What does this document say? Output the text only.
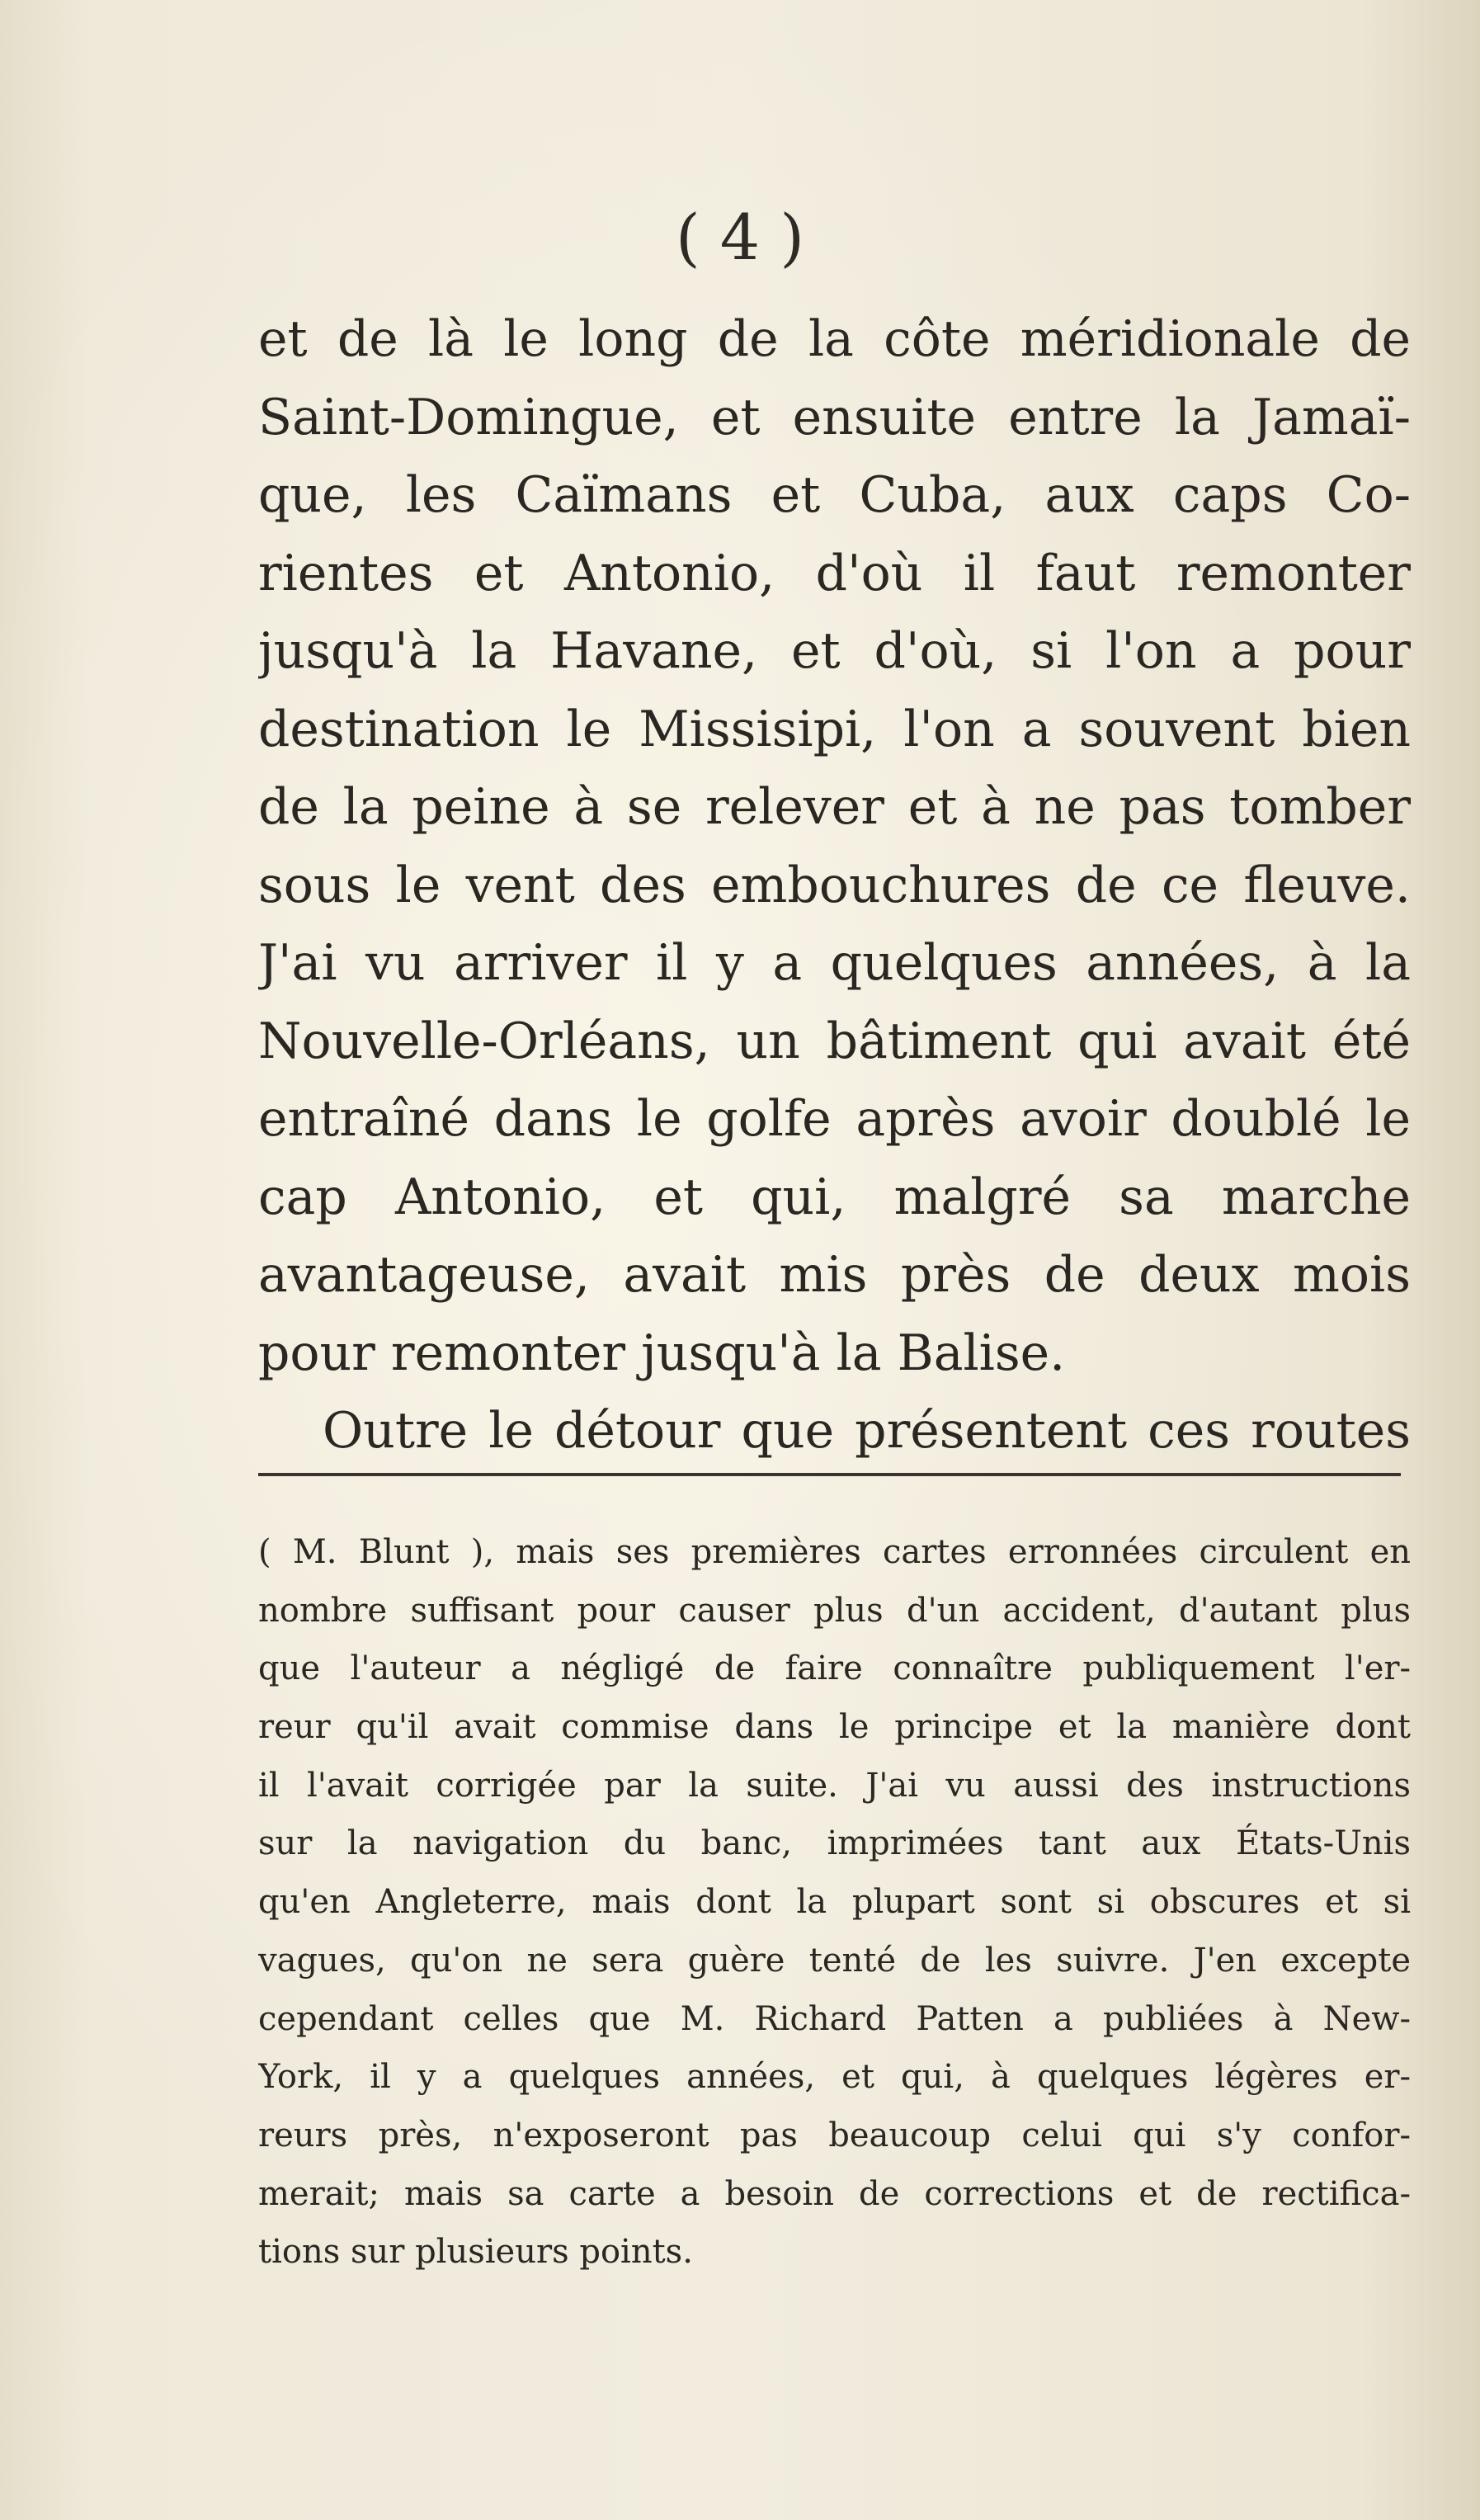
( 4 )
et de là le long de la côte méridionale de
Saint-Domingue, et ensuite entre la Jamaï-
que, les Caïmans et Cuba, aux caps Co-
rientes et Antonio, d'où il faut remonter
jusqu'à la Havane, et d'où, si l'on a pour
destination le Missisipi, l'on a souvent bien
de la peine à se relever et à ne pas tomber
sous le vent des embouchures de ce fleuve.
J'ai vu arriver il y a quelques années, à la
Nouvelle-Orléans, un bâtiment qui avait été
entraîné dans le golfe après avoir doublé le
cap Antonio, et qui, malgré sa marche
avantageuse, avait mis près de deux mois
pour remonter jusqu'à la Balise.
Outre le détour que présentent ces routes
( M. Blunt ), mais ses premières cartes erronnées circulent en
nombre suffisant pour causer plus d'un accident, d'autant plus
que l'auteur a négligé de faire connaître publiquement l'er-
reur qu'il avait commise dans le principe et la manière dont
il l'avait corrigée par la suite. J'ai vu aussi des instructions
sur la navigation du banc, imprimées tant aux États-Unis
qu'en Angleterre, mais dont la plupart sont si obscures et si
vagues, qu'on ne sera guère tenté de les suivre. J'en excepte
cependant celles que M. Richard Patten a publiées à New-
York, il y a quelques années, et qui, à quelques légères er-
reurs près, n'exposeront pas beaucoup celui qui s'y confor-
merait; mais sa carte a besoin de corrections et de rectifica-
tions sur plusieurs points.
